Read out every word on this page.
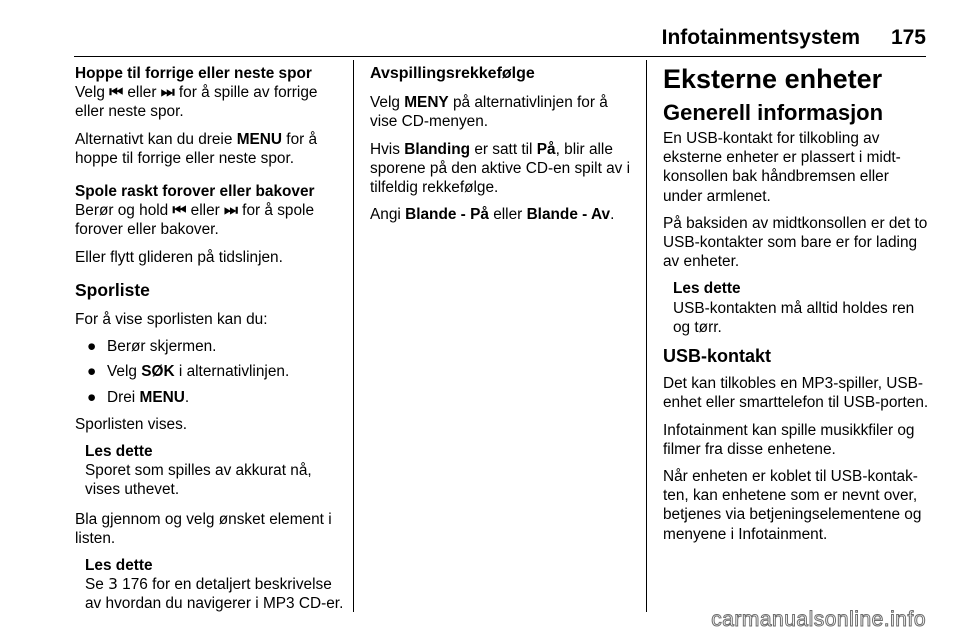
Infotainmentsystem 175

Hoppe til forrige eller neste spor

Velg ⏮ eller ⏭ for å spille av forrige eller neste spor.

Alternativt kan du dreie MENU for å hoppe til forrige eller neste spor.

Spole raskt forover eller bakover

Berør og hold ⏮ eller ⏭ for å spole forover eller bakover.

Eller flytt glideren på tidslinjen.

Sporliste

For å vise sporlisten kan du:

● Berør skjermen.
● Velg SØK i alternativlinjen.
● Drei MENU.

Sporlisten vises.

Les dette
Sporet som spilles av akkurat nå, vises uthevet.

Bla gjennom og velg ønsket element i listen.

Les dette
Se 3 176 for en detaljert beskrivelse av hvordan du navigerer i MP3 CD-er.

Avspillingsrekkefølge

Velg MENY på alternativlinjen for å vise CD-menyen.

Hvis Blanding er satt til På, blir alle sporene på den aktive CD-en spilt av i tilfeldig rekkefølge.

Angi Blande - På eller Blande - Av.

Eksterne enheter

Generell informasjon

En USB-kontakt for tilkobling av eksterne enheter er plassert i midt-konsollen bak håndbremsen eller under armlenet.

På baksiden av midtkonsollen er det to USB-kontakter som bare er for lading av enheter.

Les dette
USB-kontakten må alltid holdes ren og tørr.

USB-kontakt

Det kan tilkobles en MP3-spiller, USB-enhet eller smarttelefon til USB-porten.

Infotainment kan spille musikkfiler og filmer fra disse enhetene.

Når enheten er koblet til USB-kontak-ten, kan enhetene som er nevnt over, betjenes via betjeningselementene og menyene i Infotainment.

carmanualsonline.info
